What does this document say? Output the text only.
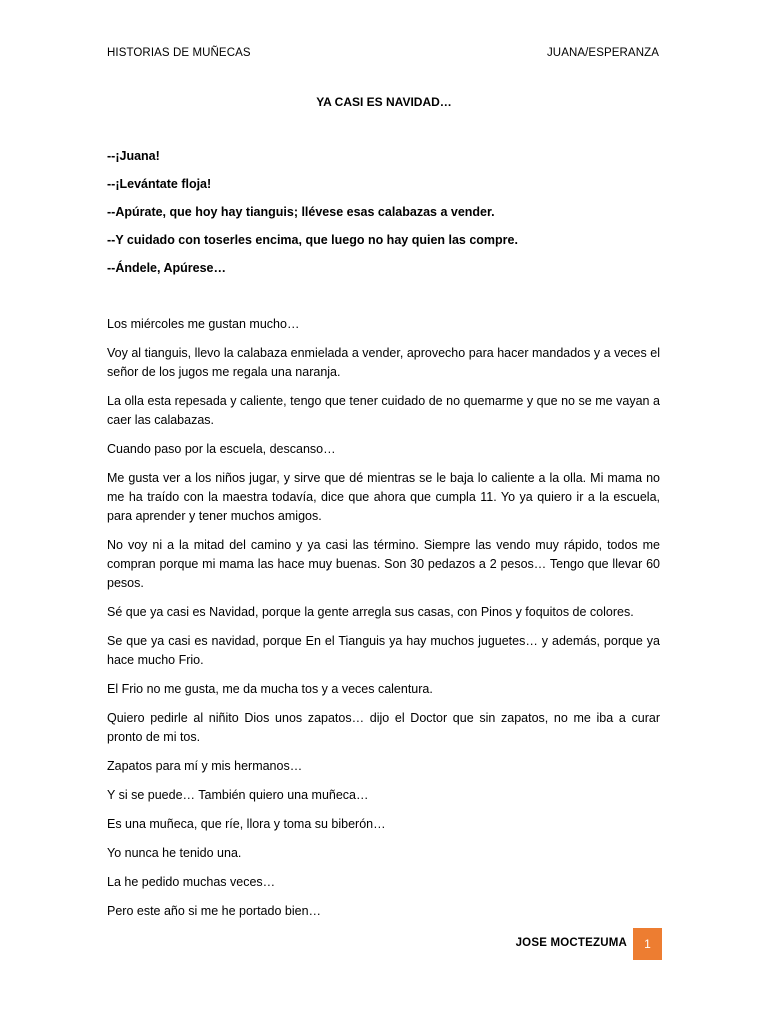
HISTORIAS DE MUÑECAS	JUANA/ESPERANZA
YA CASI ES NAVIDAD…

--¡Juana!

--¡Levántate floja!

--Apúrate, que hoy hay tianguis; llévese esas calabazas a vender.

--Y cuidado con toserles encima, que luego no hay quien las compre.

--Ándele, Apúrese…

Los miércoles me gustan mucho…

Voy al tianguis, llevo la calabaza enmielada a vender, aprovecho para hacer mandados y a veces el señor de los jugos me regala una naranja.

La olla esta repesada y caliente, tengo que tener cuidado de no quemarme y que no se me vayan a caer las calabazas.

Cuando paso por la escuela, descanso…

Me gusta ver a los niños jugar, y sirve que dé mientras se le baja lo caliente a la olla. Mi mama no me ha traído con la maestra todavía, dice que ahora que cumpla 11. Yo ya quiero ir a la escuela, para aprender y tener muchos amigos.

No voy ni a la mitad del camino y ya casi las término. Siempre las vendo muy rápido, todos me compran porque mi mama las hace muy buenas. Son 30 pedazos a 2 pesos… Tengo que llevar 60 pesos.

Sé que ya casi es Navidad, porque la gente arregla sus casas, con Pinos y foquitos de colores.

Se que ya casi es navidad, porque En el Tianguis ya hay muchos juguetes… y además, porque ya hace mucho Frio.

El Frio no me gusta, me da mucha tos y a veces calentura.

Quiero pedirle al niñito Dios unos zapatos… dijo el Doctor que sin zapatos, no me iba a curar pronto de mi tos.

Zapatos para mí y mis hermanos…

Y si se puede… También quiero una muñeca…

Es una muñeca, que ríe, llora y toma su biberón…

Yo nunca he tenido una.

La he pedido muchas veces…

Pero este año si me he portado bien…

JOSE MOCTEZUMA	1
